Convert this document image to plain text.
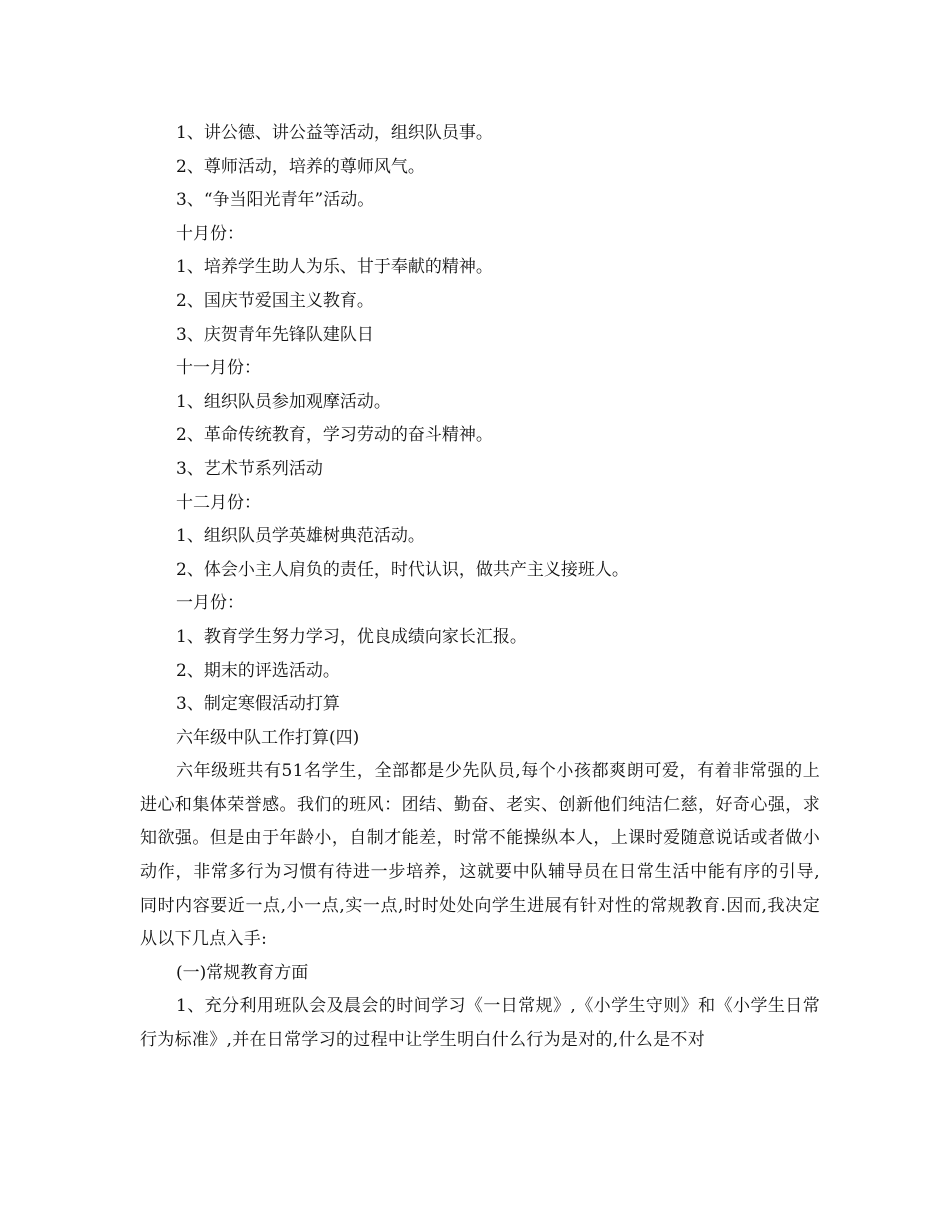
1、讲公德、讲公益等活动，组织队员事。
2、尊师活动，培养的尊师风气。
3、“争当阳光青年”活动。
十月份：
1、培养学生助人为乐、甘于奉献的精神。
2、国庆节爱国主义教育。
3、庆贺青年先锋队建队日
十一月份：
1、组织队员参加观摩活动。
2、革命传统教育，学习劳动的奋斗精神。
3、艺术节系列活动
十二月份：
1、组织队员学英雄树典范活动。
2、体会小主人肩负的责任，时代认识，做共产主义接班人。
一月份：
1、教育学生努力学习，优良成绩向家长汇报。
2、期末的评选活动。
3、制定寒假活动打算
六年级中队工作打算(四)
六年级班共有51名学生，全部都是少先队员,每个小孩都爽朗可爱，有着非常强的上进心和集体荣誉感。我们的班风：团结、勤奋、老实、创新他们纯洁仁慈，好奇心强，求知欲强。但是由于年龄小，自制才能差，时常不能操纵本人，上课时爱随意说话或者做小动作，非常多行为习惯有待进一步培养，这就要中队辅导员在日常生活中能有序的引导,同时内容要近一点,小一点,实一点,时时处处向学生进展有针对性的常规教育.因而,我决定从以下几点入手:
(一)常规教育方面
1、充分利用班队会及晨会的时间学习《一日常规》,《小学生守则》和《小学生日常行为标准》,并在日常学习的过程中让学生明白什么行为是对的,什么是不对
